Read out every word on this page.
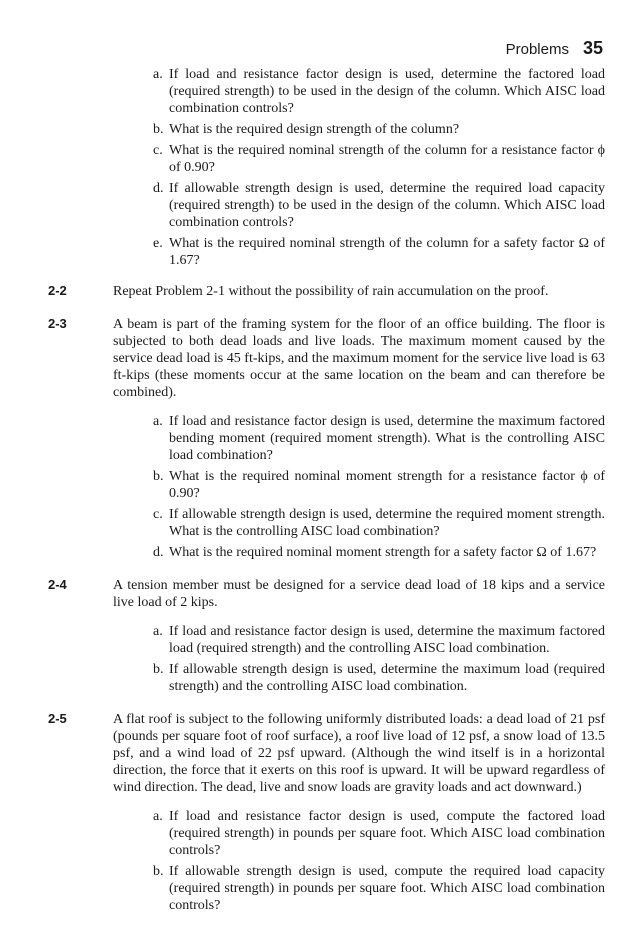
Problems 35
a. If load and resistance factor design is used, determine the factored load (required strength) to be used in the design of the column. Which AISC load combination controls?
b. What is the required design strength of the column?
c. What is the required nominal strength of the column for a resistance factor ϕ of 0.90?
d. If allowable strength design is used, determine the required load capacity (required strength) to be used in the design of the column. Which AISC load combination controls?
e. What is the required nominal strength of the column for a safety factor Ω of 1.67?
2-2	Repeat Problem 2-1 without the possibility of rain accumulation on the proof.

2-3	A beam is part of the framing system for the floor of an office building. The floor is subjected to both dead loads and live loads. The maximum moment caused by the service dead load is 45 ft-kips, and the maximum moment for the service live load is 63 ft-kips (these moments occur at the same location on the beam and can therefore be combined).

a. If load and resistance factor design is used, determine the maximum factored bending moment (required moment strength). What is the controlling AISC load combination?
b. What is the required nominal moment strength for a resistance factor ϕ of 0.90?
c. If allowable strength design is used, determine the required moment strength. What is the controlling AISC load combination?
d. What is the required nominal moment strength for a safety factor Ω of 1.67?
2-4	A tension member must be designed for a service dead load of 18 kips and a service live load of 2 kips.

a. If load and resistance factor design is used, determine the maximum factored load (required strength) and the controlling AISC load combination.
b. If allowable strength design is used, determine the maximum load (required strength) and the controlling AISC load combination.
2-5	A flat roof is subject to the following uniformly distributed loads: a dead load of 21 psf (pounds per square foot of roof surface), a roof live load of 12 psf, a snow load of 13.5 psf, and a wind load of 22 psf upward. (Although the wind itself is in a horizontal direction, the force that it exerts on this roof is upward. It will be upward regardless of wind direction. The dead, live and snow loads are gravity loads and act downward.)

a. If load and resistance factor design is used, compute the factored load (required strength) in pounds per square foot. Which AISC load combination controls?
b. If allowable strength design is used, compute the required load capacity (required strength) in pounds per square foot. Which AISC load combination controls?
